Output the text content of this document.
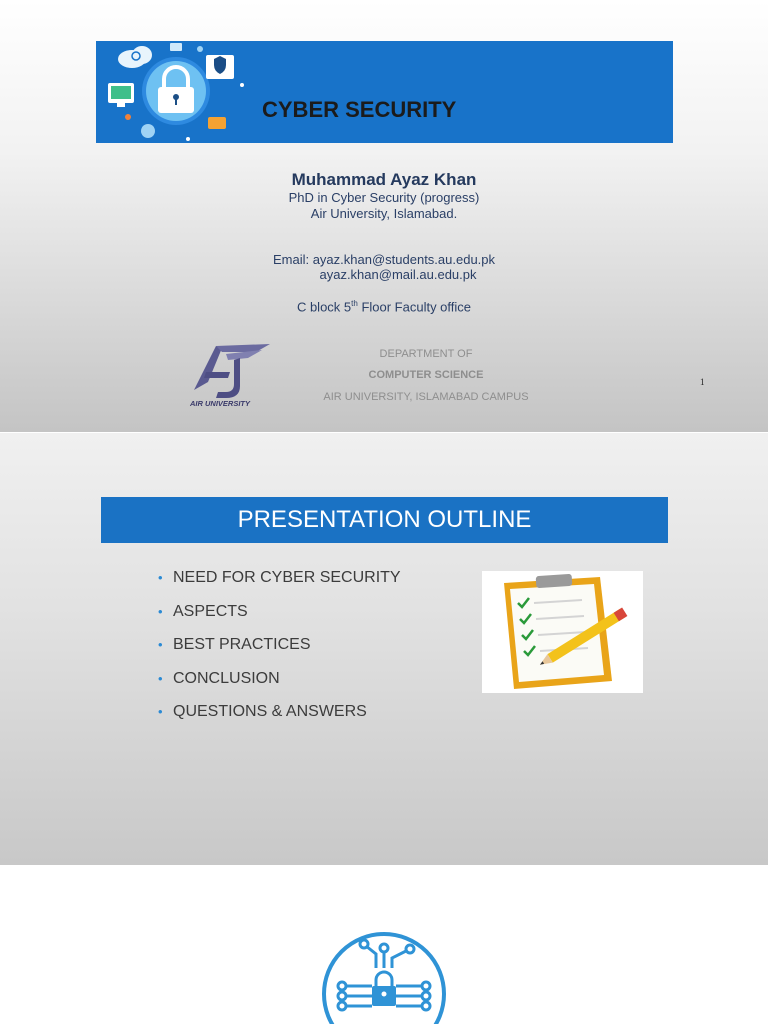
CYBER SECURITY
Muhammad Ayaz Khan
PhD in Cyber Security (progress)
Air University, Islamabad.
Email: ayaz.khan@students.au.edu.pk
ayaz.khan@mail.au.edu.pk
C block 5th Floor Faculty office
AIR UNIVERSITY
DEPARTMENT OF
COMPUTER SCIENCE
AIR UNIVERSITY, ISLAMABAD CAMPUS
1
PRESENTATION OUTLINE
• NEED FOR CYBER SECURITY
• ASPECTS
• BEST PRACTICES
• CONCLUSION
• QUESTIONS & ANSWERS
